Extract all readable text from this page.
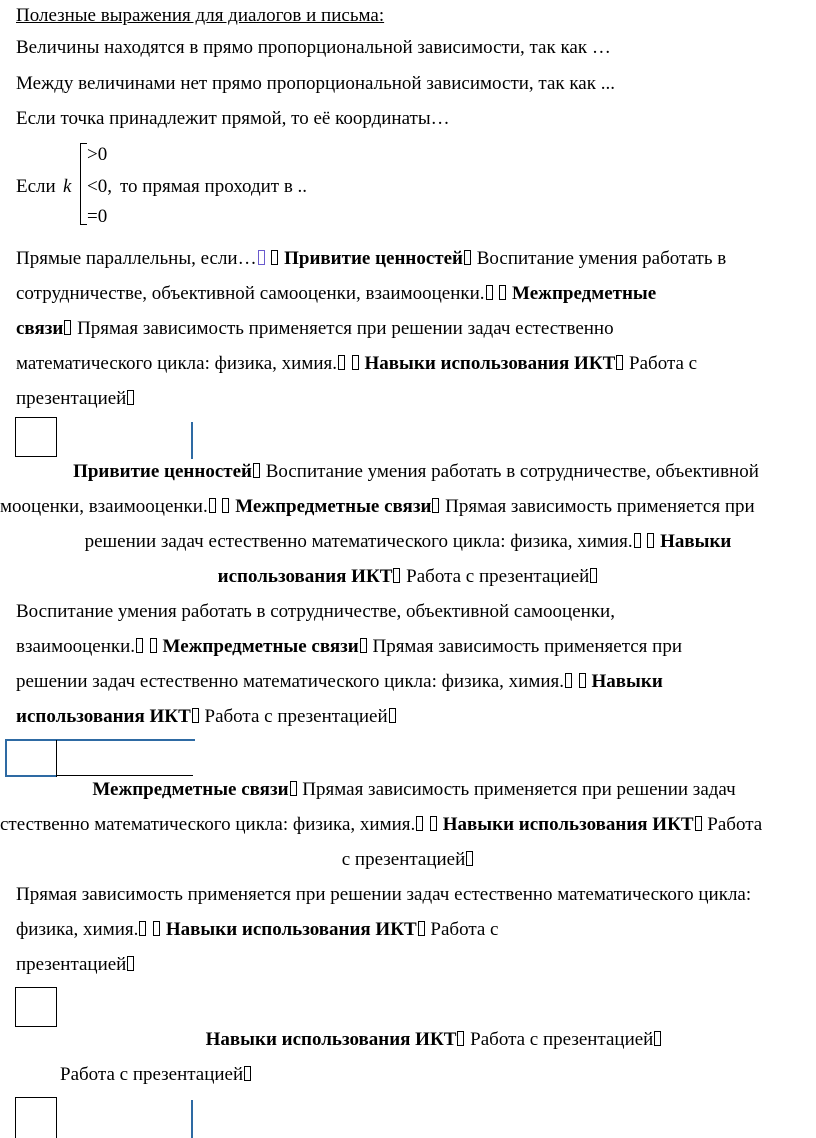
Полезные выражения для диалогов и письма:
Величины находятся в прямо пропорциональной зависимости, так как …
Между величинами нет прямо пропорциональной зависимости, так как ...
Если точка принадлежит прямой, то её координаты…
Если k
>0
<0, то прямая проходит в ..
=0
Прямые параллельны, если… Привитие ценностей Воспитание умения работать в
сотрудничестве, объективной самооценки, взаимооценки. Межпредметные
связи Прямая зависимость применяется при решении задач естественно
математического цикла: физика, химия. Навыки использования ИКТ Работа с
презентацией
Привитие ценностей Воспитание умения работать в сотрудничестве, объективной
мооценки, взаимооценки. Межпредметные связи Прямая зависимость применяется при
решении задач естественно математического цикла: физика, химия. Навыки
использования ИКТ Работа с презентацией
Воспитание умения работать в сотрудничестве, объективной самооценки,
взаимооценки. Межпредметные связи Прямая зависимость применяется при
решении задач естественно математического цикла: физика, химия. Навыки
использования ИКТ Работа с презентацией
Межпредметные связи Прямая зависимость применяется при решении задач
стественно математического цикла: физика, химия. Навыки использования ИКТ Работа
с презентацией
Прямая зависимость применяется при решении задач естественно математического цикла:
физика, химия. Навыки использования ИКТ Работа с
презентацией
Навыки использования ИКТ Работа с презентацией
Работа с презентацией
